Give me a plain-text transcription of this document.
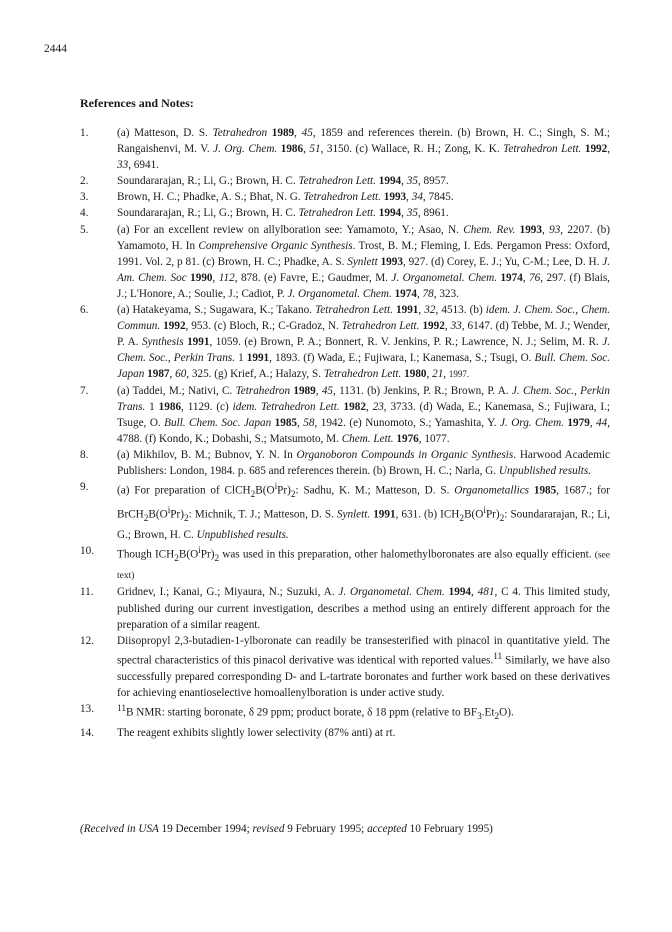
2444
References and Notes:
1.	(a) Matteson, D. S. Tetrahedron 1989, 45, 1859 and references therein. (b) Brown, H. C.; Singh, S. M.; Rangaishenvi, M. V. J. Org. Chem. 1986, 51, 3150. (c) Wallace, R. H.; Zong, K. K. Tetrahedron Lett. 1992, 33, 6941.
2.	Soundararajan, R.; Li, G.; Brown, H. C. Tetrahedron Lett. 1994, 35, 8957.
3.	Brown, H. C.; Phadke, A. S.; Bhat, N. G. Tetrahedron Lett. 1993, 34, 7845.
4.	Soundararajan, R.; Li, G.; Brown, H. C. Tetrahedron Lett. 1994, 35, 8961.
5.	(a) For an excellent review on allylboration see: Yamamoto, Y.; Asao, N. Chem. Rev. 1993, 93, 2207. (b) Yamamoto, H. In Comprehensive Organic Synthesis. Trost, B. M.; Fleming, I. Eds. Pergamon Press: Oxford, 1991. Vol. 2, p 81. (c) Brown, H. C.; Phadke, A. S. Synlett 1993, 927. (d) Corey, E. J.; Yu, C-M.; Lee, D. H. J. Am. Chem. Soc 1990, 112, 878. (e) Favre, E.; Gaudmer, M. J. Organometal. Chem. 1974, 76, 297. (f) Blais, J.; L'Honore, A.; Soulie, J.; Cadiot, P. J. Organometal. Chem. 1974, 78, 323.
6.	(a) Hatakeyama, S.; Sugawara, K.; Takano. Tetrahedron Lett. 1991, 32, 4513. (b) idem. J. Chem. Soc., Chem. Commun. 1992, 953. (c) Bloch, R.; C-Gradoz, N. Tetrahedron Lett. 1992, 33, 6147. (d) Tebbe, M. J.; Wender, P. A. Synthesis 1991, 1059. (e) Brown, P. A.; Bonnert, R. V. Jenkins, P. R.; Lawrence, N. J.; Selim, M. R. J. Chem. Soc., Perkin Trans. 1 1991, 1893. (f) Wada, E.; Fujiwara, I.; Kanemasa, S.; Tsugi, O. Bull. Chem. Soc. Japan 1987, 60, 325. (g) Krief, A.; Halazy, S. Tetrahedron Lett. 1980, 21, 1997.
7.	(a) Taddei, M.; Nativi, C. Tetrahedron 1989, 45, 1131. (b) Jenkins, P. R.; Brown, P. A. J. Chem. Soc., Perkin Trans. 1 1986, 1129. (c) idem. Tetrahedron Lett. 1982, 23, 3733. (d) Wada, E.; Kanemasa, S.; Fujiwara, I.; Tsuge, O. Bull. Chem. Soc. Japan 1985, 58, 1942. (e) Nunomoto, S.; Yamashita, Y. J. Org. Chem. 1979, 44, 4788. (f) Kondo, K.; Dobashi, S.; Matsumoto, M. Chem. Lett. 1976, 1077.
8.	(a) Mikhilov, B. M.; Bubnov, Y. N. In Organoboron Compounds in Organic Synthesis. Harwood Academic Publishers: London, 1984. p. 685 and references therein. (b) Brown, H. C.; Narla, G. Unpublished results.
9.	(a) For preparation of $ClCH_2B(O^iPr)_2$: Sadhu, K. M.; Matteson, D. S. Organometallics 1985, 1687.; for $BrCH_2B(O^iPr)_2$: Michnik, T. J.; Matteson, D. S. Synlett. 1991, 631. (b) $ICH_2B(O^iPr)_2$: Soundararajan, R.; Li, G.; Brown, H. C. Unpublished results.
10.	Though $ICH_2B(O^iPr)_2$ was used in this preparation, other halomethylboronates are also equally efficient. (see text)
11.	Gridnev, I.; Kanai, G.; Miyaura, N.; Suzuki, A. J. Organometal. Chem. 1994, 481, C 4. This limited study, published during our current investigation, describes a method using an entirely different approach for the preparation of a similar reagent.
12.	Diisopropyl 2,3-butadien-1-ylboronate can readily be transesterified with pinacol in quantitative yield. The spectral characteristics of this pinacol derivative was identical with reported values.$^{11}$ Similarly, we have also successfully prepared corresponding D- and L-tartrate boronates and further work based on these derivatives for achieving enantioselective homoallenylboration is under active study.
13.	$^{11}$B NMR: starting boronate, δ 29 ppm; product borate, δ 18 ppm (relative to $BF_3.Et_2O$).
14.	The reagent exhibits slightly lower selectivity (87% anti) at rt.
(Received in USA 19 December 1994; revised 9 February 1995; accepted 10 February 1995)
